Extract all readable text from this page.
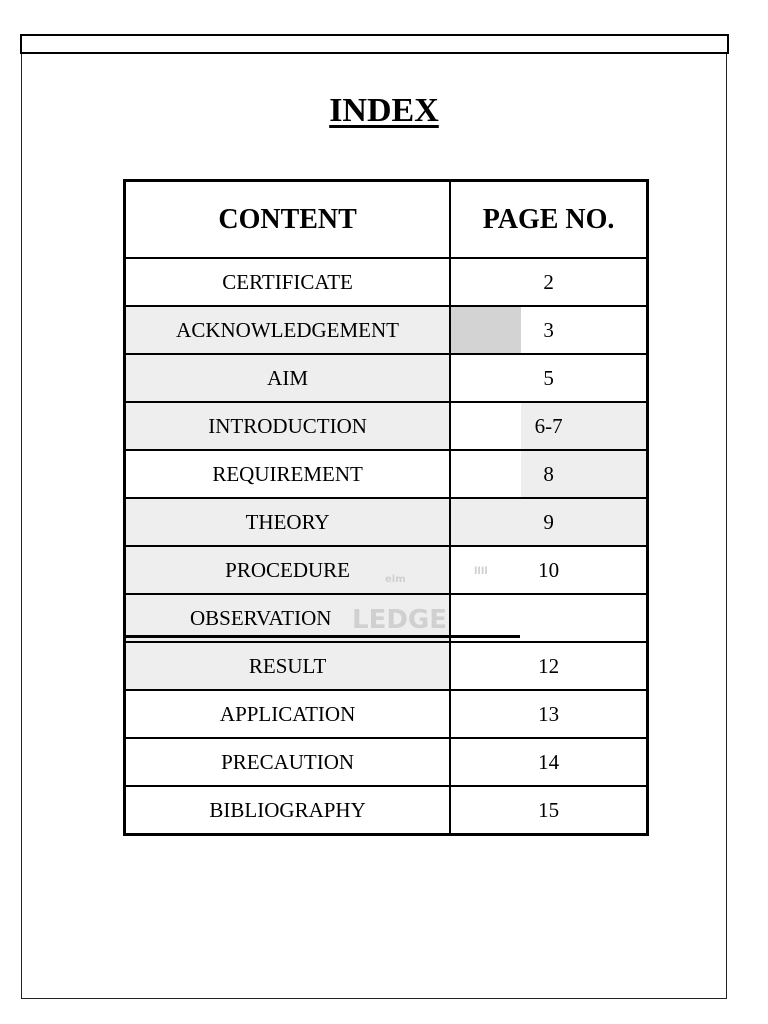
INDEX
CONTENT	PAGE NO.
CERTIFICATE	2
ACKNOWLEDGEMENT	3
AIM	5
INTRODUCTION	6-7
REQUIREMENT	8
THEORY	9
PROCEDURE	10
OBSERVATION	
RESULT	12
APPLICATION	13
PRECAUTION	14
BIBLIOGRAPHY	15
LEDGE
elm
llll
